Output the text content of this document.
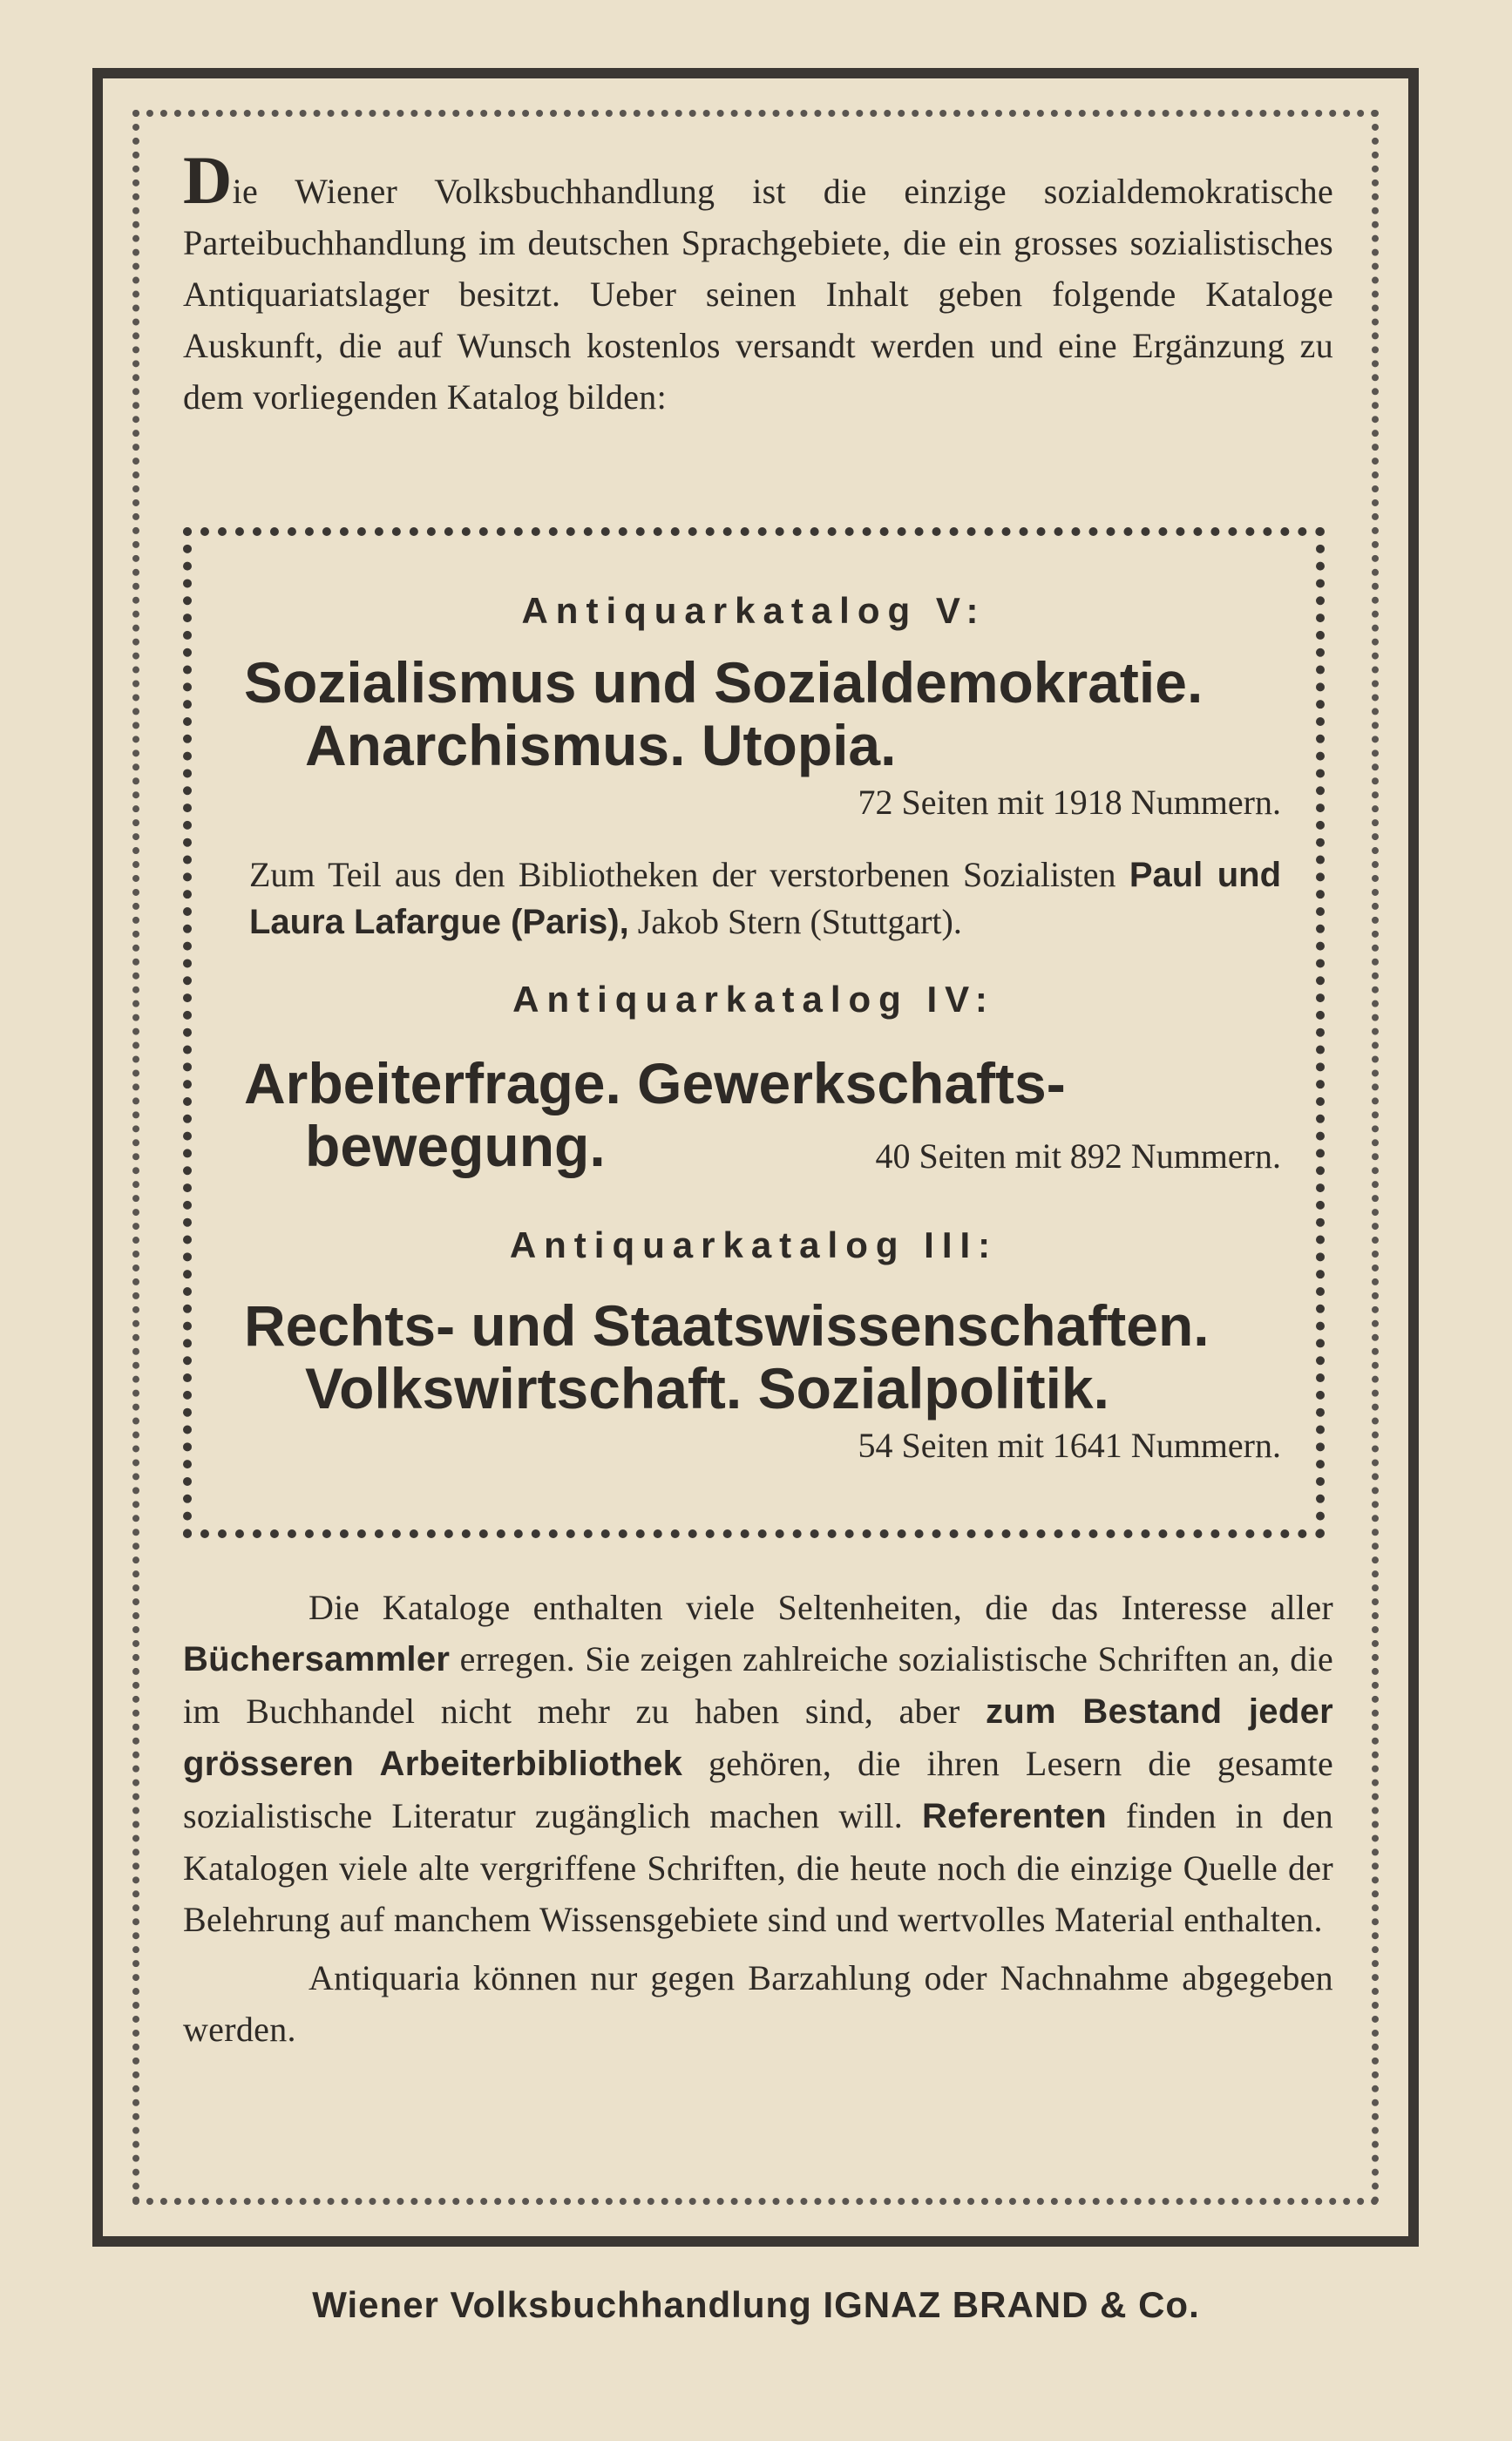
Die Wiener Volksbuchhandlung ist die einzige sozialdemokratische Parteibuchhandlung im deutschen Sprachgebiete, die ein grosses sozialistisches Antiquariatslager besitzt. Ueber seinen Inhalt geben folgende Kataloge Auskunft, die auf Wunsch kostenlos versandt werden und eine Ergänzung zu dem vorliegenden Katalog bilden:
Antiquarkatalog V:
Sozialismus und Sozialdemokratie.
Anarchismus. Utopia.
72 Seiten mit 1918 Nummern.
Zum Teil aus den Bibliotheken der verstorbenen Sozialisten Paul und Laura Lafargue (Paris), Jakob Stern (Stuttgart).
Antiquarkatalog IV:
Arbeiterfrage. Gewerkschafts-
bewegung.	40 Seiten mit 892 Nummern.
Antiquarkatalog III:
Rechts- und Staatswissenschaften.
Volkswirtschaft. Sozialpolitik.
54 Seiten mit 1641 Nummern.

Die Kataloge enthalten viele Seltenheiten, die das Interesse aller Büchersammler erregen. Sie zeigen zahlreiche sozialistische Schriften an, die im Buchhandel nicht mehr zu haben sind, aber zum Bestand jeder grösseren Arbeiterbibliothek gehören, die ihren Lesern die gesamte sozialistische Literatur zugänglich machen will. Referenten finden in den Katalogen viele alte vergriffene Schriften, die heute noch die einzige Quelle der Belehrung auf manchem Wissensgebiete sind und wertvolles Material enthalten.

Antiquaria können nur gegen Barzahlung oder Nachnahme abgegeben werden.

Wiener Volksbuchhandlung IGNAZ BRAND & Co.
